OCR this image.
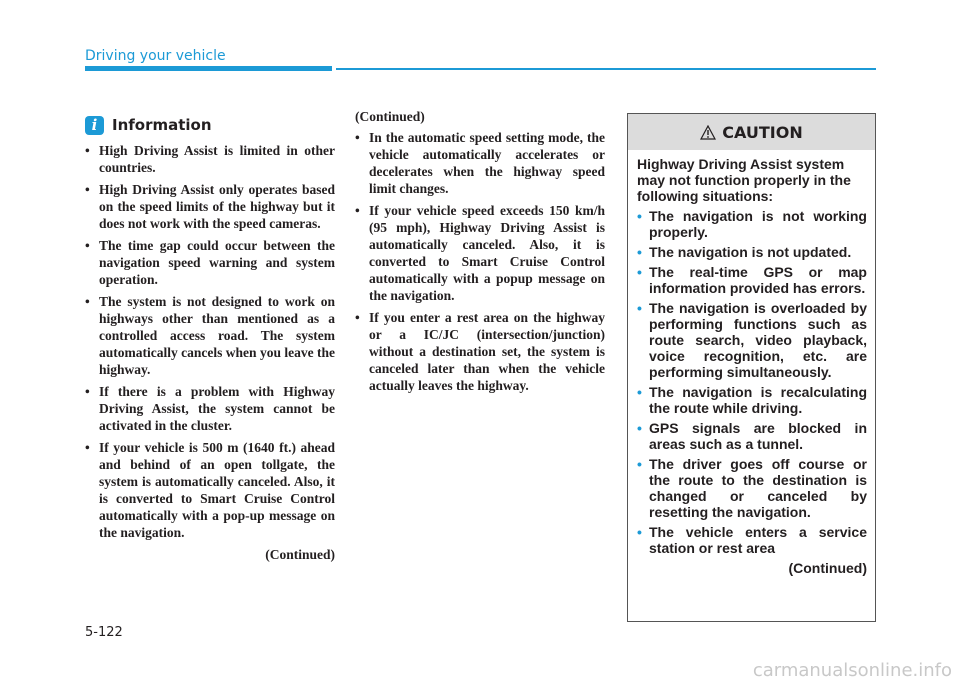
Driving your vehicle
i Information
• High Driving Assist is limited in other countries.
• High Driving Assist only operates based on the speed limits of the highway but it does not work with the speed cameras.
• The time gap could occur between the navigation speed warning and system operation.
• The system is not designed to work on highways other than mentioned as a controlled access road. The system automatically cancels when you leave the highway.
• If there is a problem with Highway Driving Assist, the system cannot be activated in the cluster.
• If your vehicle is 500 m (1640 ft.) ahead and behind of an open tollgate, the system is automatically canceled. Also, it is converted to Smart Cruise Control automatically with a pop-up message on the navigation.
(Continued)
(Continued)
• In the automatic speed setting mode, the vehicle automatically accelerates or decelerates when the highway speed limit changes.
• If your vehicle speed exceeds 150 km/h (95 mph), Highway Driving Assist is automatically canceled. Also, it is converted to Smart Cruise Control automatically with a popup message on the navigation.
• If you enter a rest area on the highway or a IC/JC (intersection/junction) without a destination set, the system is canceled later than when the vehicle actually leaves the highway.
CAUTION

Highway Driving Assist system may not function properly in the following situations:

• The navigation is not working properly.
• The navigation is not updated.
• The real-time GPS or map information provided has errors.
• The navigation is overloaded by performing functions such as route search, video playback, voice recognition, etc. are performing simultaneously.
• The navigation is recalculating the route while driving.
• GPS signals are blocked in areas such as a tunnel.
• The driver goes off course or the route to the destination is changed or canceled by resetting the navigation.
• The vehicle enters a service station or rest area
(Continued)
5-122
carmanualsonline.info
